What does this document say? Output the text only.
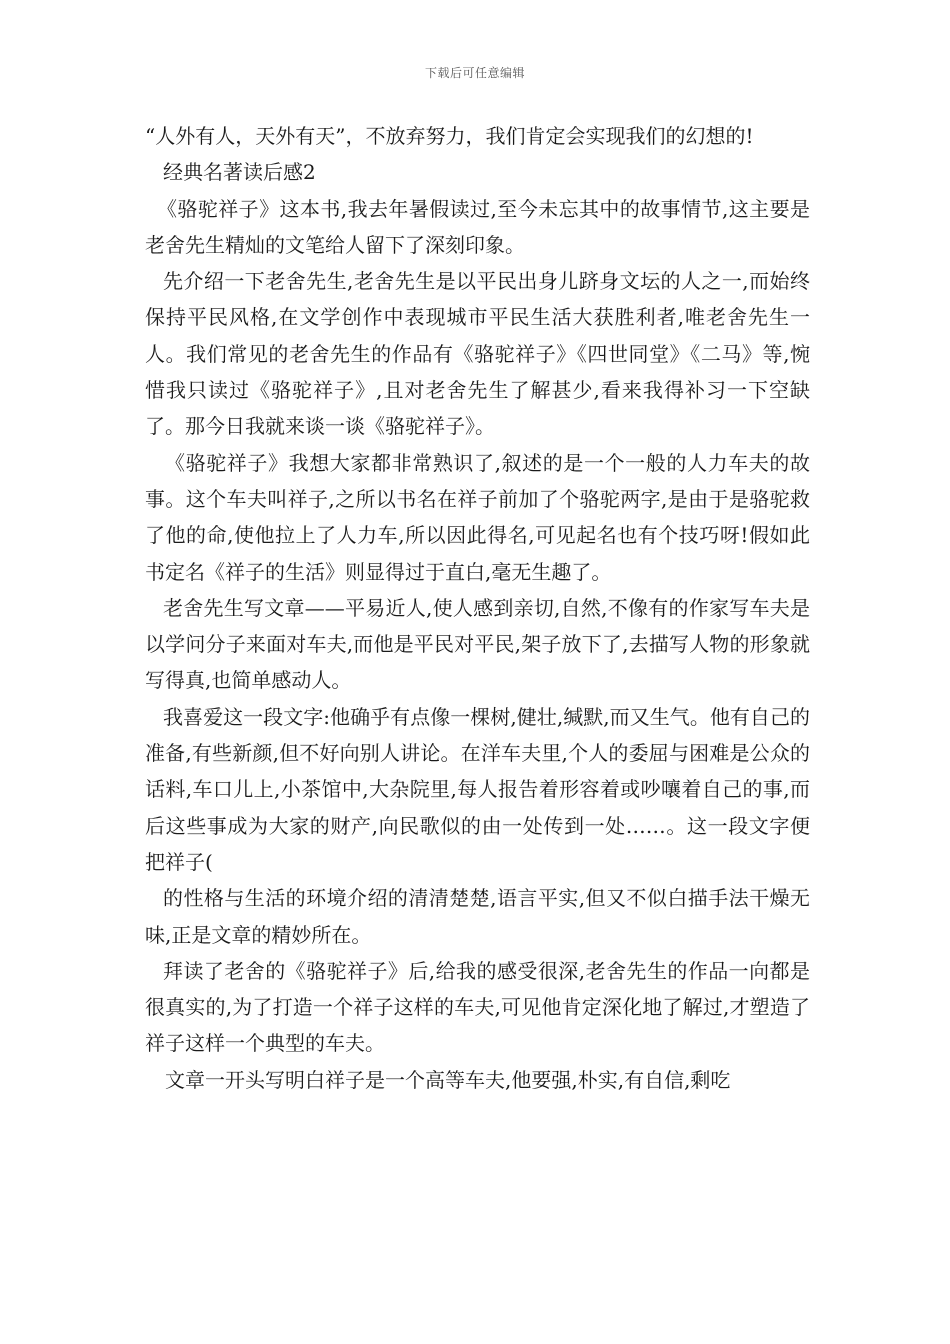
下载后可任意编辑

“人外有人，天外有天”，不放弃努力，我们肯定会实现我们的幻想的!

经典名著读后感2

《骆驼祥子》这本书,我去年暑假读过,至今未忘其中的故事情节,这主要是老舍先生精灿的文笔给人留下了深刻印象。

先介绍一下老舍先生,老舍先生是以平民出身儿跻身文坛的人之一,而始终保持平民风格,在文学创作中表现城市平民生活大获胜利者,唯老舍先生一人。我们常见的老舍先生的作品有《骆驼祥子》《四世同堂》《二马》等,惋惜我只读过《骆驼祥子》,且对老舍先生了解甚少,看来我得补习一下空缺了。那今日我就来谈一谈《骆驼祥子》。

《骆驼祥子》我想大家都非常熟识了,叙述的是一个一般的人力车夫的故事。这个车夫叫祥子,之所以书名在祥子前加了个骆驼两字,是由于是骆驼救了他的命,使他拉上了人力车,所以因此得名,可见起名也有个技巧呀!假如此书定名《祥子的生活》则显得过于直白,毫无生趣了。

老舍先生写文章——平易近人,使人感到亲切,自然,不像有的作家写车夫是以学问分子来面对车夫,而他是平民对平民,架子放下了,去描写人物的形象就写得真,也简单感动人。

我喜爱这一段文字:他确乎有点像一棵树,健壮,缄默,而又生气。他有自己的准备,有些新颜,但不好向别人讲论。在洋车夫里,个人的委屈与困难是公众的话料,车口儿上,小茶馆中,大杂院里,每人报告着形容着或吵嚷着自己的事,而后这些事成为大家的财产,向民歌似的由一处传到一处……。这一段文字便把祥子(

的性格与生活的环境介绍的清清楚楚,语言平实,但又不似白描手法干燥无味,正是文章的精妙所在。

拜读了老舍的《骆驼祥子》后,给我的感受很深,老舍先生的作品一向都是很真实的,为了打造一个祥子这样的车夫,可见他肯定深化地了解过,才塑造了祥子这样一个典型的车夫。

文章一开头写明白祥子是一个高等车夫,他要强,朴实,有自信,剩吃
